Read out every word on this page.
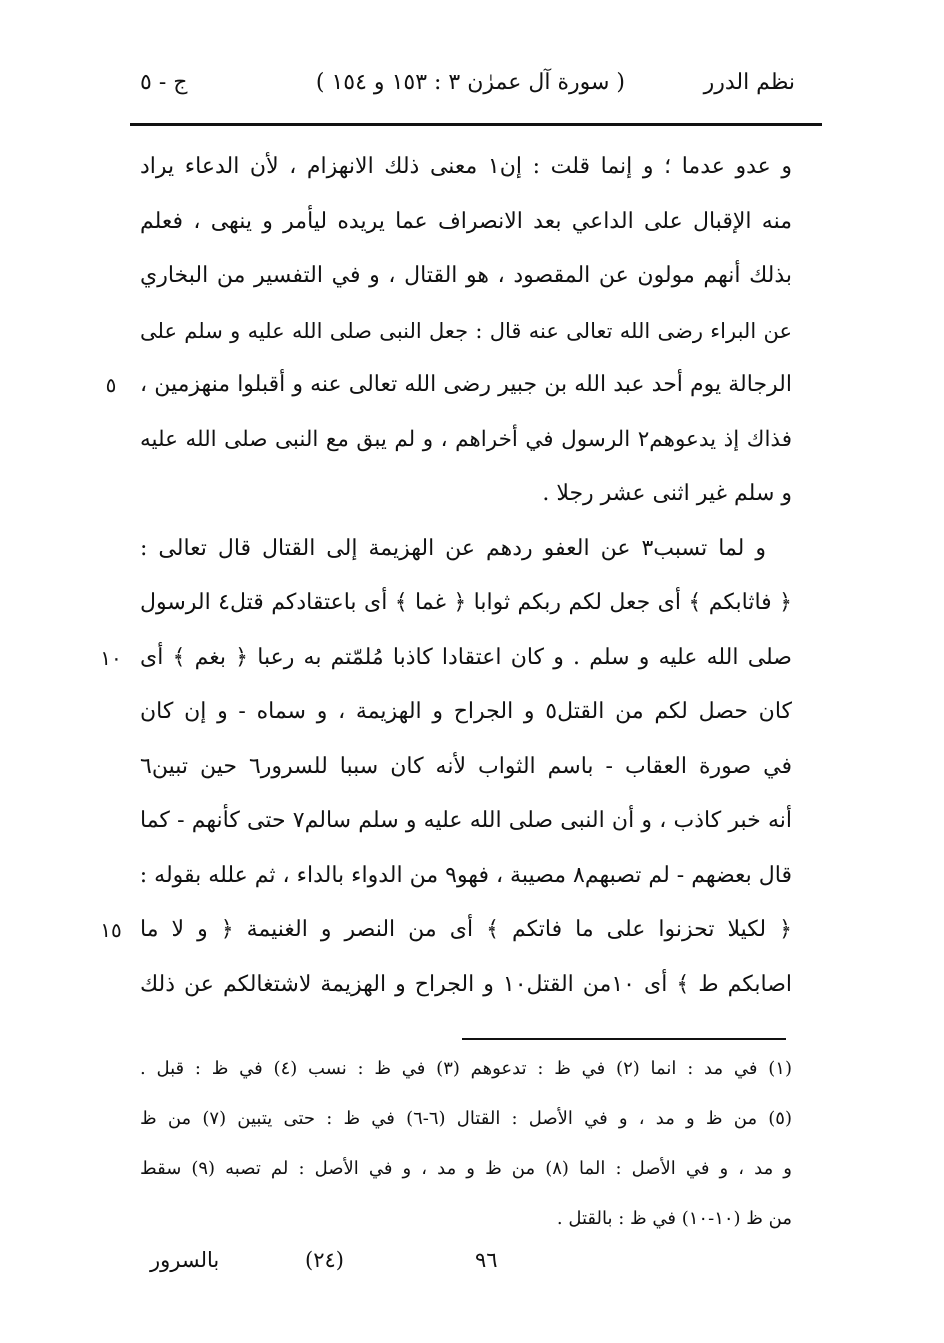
نظم الدرر
( سورة آل عمرٰن ٣ : ١٥٣ و ١٥٤ )
ج - ٥
و عدو عدما ؛ و إنما قلت : إن١ معنى ذلك الانهزام ، لأن الدعاء يراد
منه الإقبال على الداعي بعد الانصراف عما يريده ليأمر و ينهى ، فعلم
بذلك أنهم مولون عن المقصود ، هو القتال ، و في التفسير من البخاري
عن البراء رضى الله تعالى عنه قال : جعل النبى صلى الله عليه و سلم على
الرجالة يوم أحد عبد الله بن جبير رضى الله تعالى عنه و أقبلوا منهزمين ،
٥
فذاك إذ يدعوهم٢ الرسول في أخراهم ، و لم يبق مع النبى صلى الله عليه
و سلم غير اثنى عشر رجلا .
و لما تسبب٣ عن العفو ردهم عن الهزيمة إلى القتال قال تعالى :
﴿ فاثابكم ﴾ أى جعل لكم ربكم ثوابا ﴿ غما ﴾ أى باعتقادكم قتل٤ الرسول
صلى الله عليه و سلم . و كان اعتقادا كاذبا مُلمّتم به رعبا ﴿ بغم ﴾ أى
١٠
كان حصل لكم من القتل٥ و الجراح و الهزيمة ، و سماه - و إن كان
في صورة العقاب - باسم الثواب لأنه كان سببا للسرور٦ حين تبين٦
أنه خبر كاذب ، و أن النبى صلى الله عليه و سلم سالم٧ حتى كأنهم - كما
قال بعضهم - لم تصبهم٨ مصيبة ، فهو٩ من الدواء بالداء ، ثم علله بقوله :
﴿ لكيلا تحزنوا على ما فاتكم ﴾ أى من النصر و الغنيمة ﴿ و لا ما
١٥
اصابكم ط ﴾ أى ١٠من القتل١٠ و الجراح و الهزيمة لاشتغالكم عن ذلك
(١) في مد : انما (٢) في ظ : تدعوهم (٣) في ظ : نسب (٤) في ظ : قبل .
(٥) من ظ و مد ، و في الأصل : القتال (٦-٦) في ظ : حتى يتبين (٧) من ظ
و مد ، و في الأصل : الما (٨) من ظ و مد ، و في الأصل : لم تصبه (٩) سقط
من ظ (١٠-١٠) في ظ : بالقتل .
٩٦
(٢٤)
بالسرور
